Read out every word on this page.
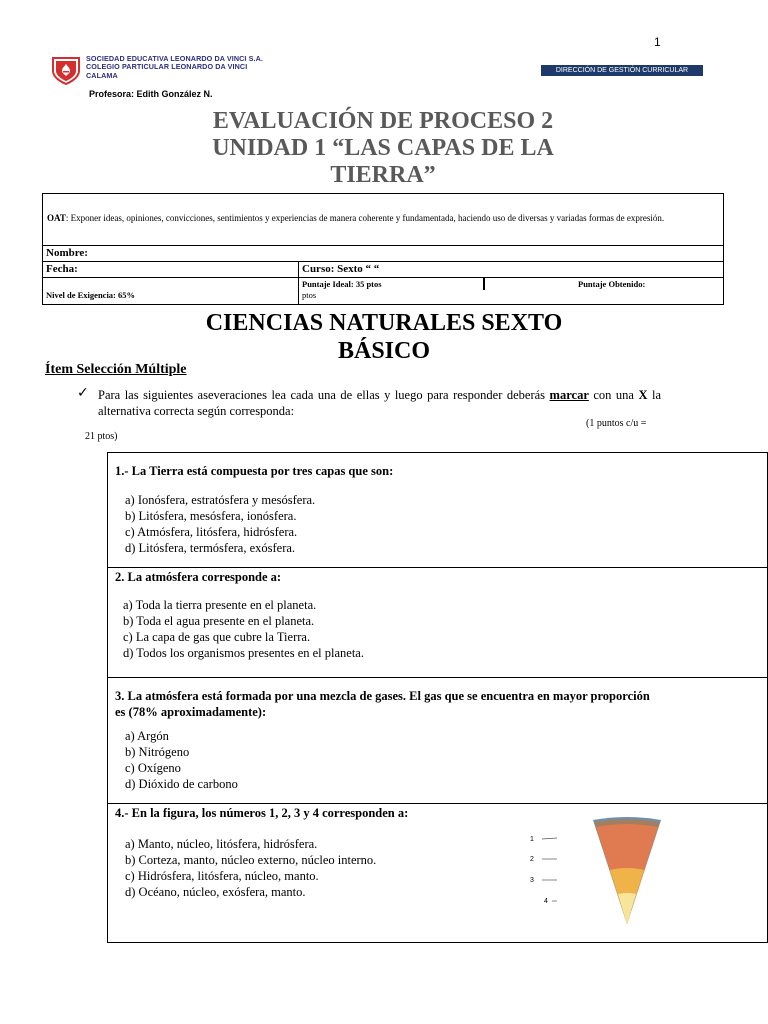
1
SOCIEDAD EDUCATIVA LEONARDO DA VINCI S.A.
COLEGIO PARTICULAR LEONARDO DA VINCI
CALAMA
DIRECCIÓN DE GESTIÓN CURRICULAR
Profesora: Edith González N.
EVALUACIÓN DE PROCESO 2
UNIDAD 1 “LAS CAPAS DE LA
TIERRA”
OAT: Exponer ideas, opiniones, convicciones, sentimientos y experiencias de manera coherente y fundamentada, haciendo uso de diversas y variadas formas de expresión.
Nombre:
Fecha:	Curso: Sexto “ “
Nivel de Exigencia: 65%
Puntaje Ideal: 35 ptos
ptos
Puntaje Obtenido:
CIENCIAS NATURALES SEXTO
BÁSICO
Ítem Selección Múltiple
✓ Para las siguientes aseveraciones lea cada una de ellas y luego para responder deberás marcar con una X la alternativa correcta según corresponda:
(1 puntos c/u =
21 ptos)
1.- La Tierra está compuesta por tres capas que son:
a) Ionósfera, estratósfera y mesósfera.
b) Litósfera, mesósfera, ionósfera.
c) Atmósfera, litósfera, hidrósfera.
d) Litósfera, termósfera, exósfera.
2. La atmósfera corresponde a:
a) Toda la tierra presente en el planeta.
b) Toda el agua presente en el planeta.
c) La capa de gas que cubre la Tierra.
d) Todos los organismos presentes en el planeta.
3. La atmósfera está formada por una mezcla de gases. El gas que se encuentra en mayor proporción
es (78% aproximadamente):
a) Argón
b) Nitrógeno
c) Oxígeno
d) Dióxido de carbono
4.- En la figura, los números 1, 2, 3 y 4 corresponden a:
a) Manto, núcleo, litósfera, hidrósfera.
b) Corteza, manto, núcleo externo, núcleo interno.
c) Hidrósfera, litósfera, núcleo, manto.
d) Océano, núcleo, exósfera, manto.
1
2
3
4
